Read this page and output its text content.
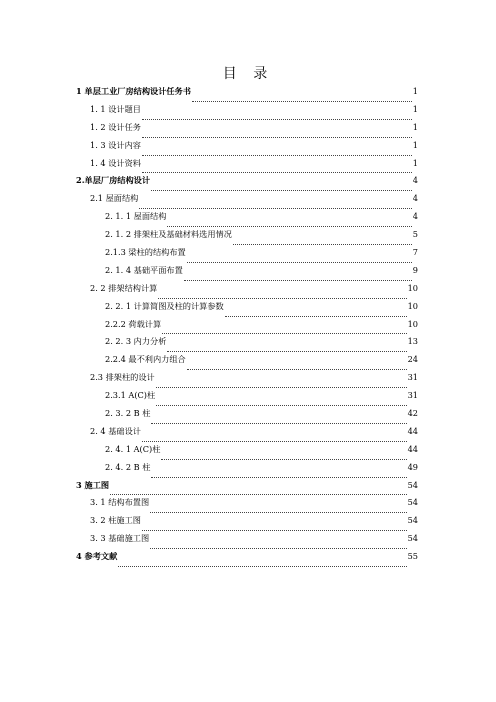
目 录
1 单层工业厂房结构设计任务书	1
1. 1 设计题目	1
1. 2 设计任务	1
1. 3 设计内容	1
1. 4 设计资料	1
2.单层厂房结构设计	4
2.1 屋面结构	4
2. 1. 1 屋面结构	4
2. 1. 2 排架柱及基础材料选用情况	5
2.1.3 梁柱的结构布置	7
2. 1. 4 基础平面布置	9
2. 2 排架结构计算	10
2. 2. 1 计算简图及柱的计算参数	10
2.2.2 荷载计算	10
2. 2. 3 内力分析	13
2.2.4 最不利内力组合	24
2.3 排架柱的设计	31
2.3.1 A(C)柱	31
2. 3. 2 B 柱	42
2. 4 基础设计	44
2. 4. 1 A(C)柱	44
2. 4. 2 B 柱	49
3 施工图	54
3. 1 结构布置图	54
3. 2 柱施工图	54
3. 3 基础施工图	54
4 参考文献	55
